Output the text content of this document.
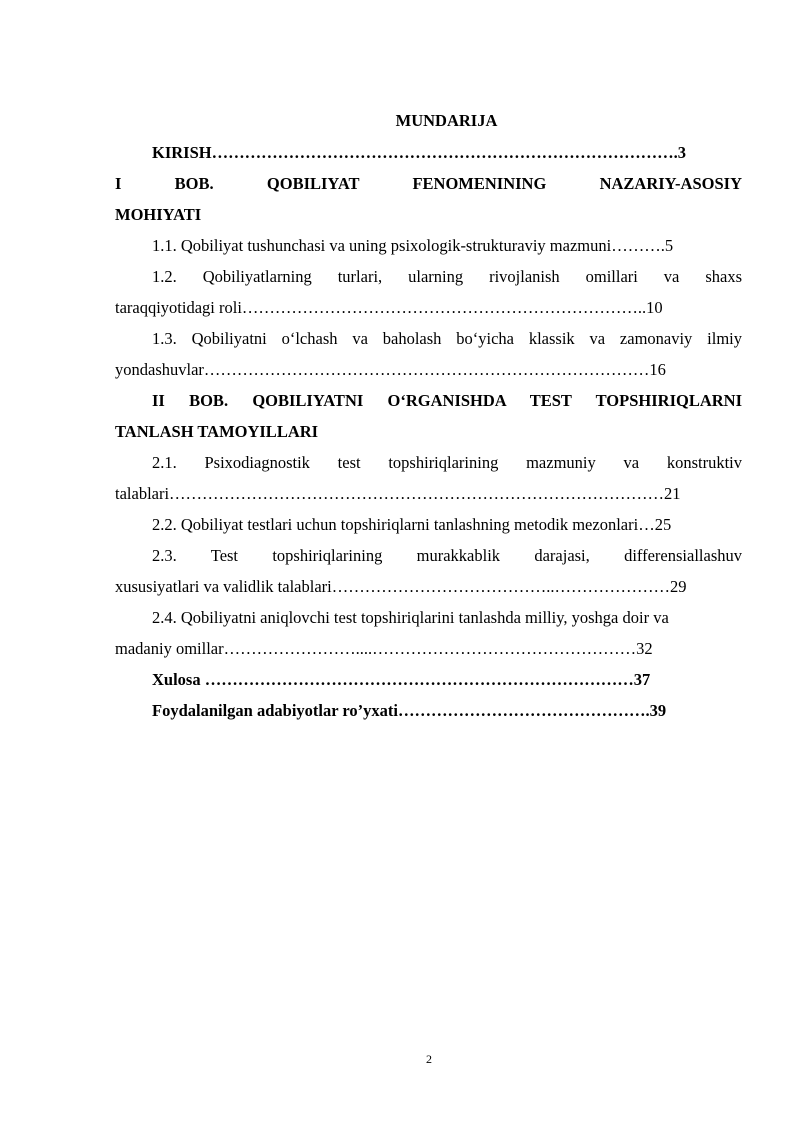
MUNDARIJA
KIRISH………………………………………………………………………….3
I BOB. QOBILIYAT FENOMENINING NAZARIY-ASOSIY
MOHIYATI
1.1. Qobiliyat tushunchasi va uning psixologik-strukturaviy mazmuni……….5
1.2. Qobiliyatlarning turlari, ularning rivojlanish omillari va shaxs
taraqqiyotidagi roli………………………………………………………………..10
1.3. Qobiliyatni o‘lchash va baholash bo‘yicha klassik va zamonaviy ilmiy
yondashuvlar………………………………………………………………………16
II BOB. QOBILIYATNI O‘RGANISHDA TEST TOPSHIRIQLARNI
TANLASH TAMOYILLARI
2.1. Psixodiagnostik test topshiriqlarining mazmuniy va konstruktiv
talablari………………………………………………………………………………21
2.2. Qobiliyat testlari uchun topshiriqlarni tanlashning metodik mezonlari…25
2.3. Test topshiriqlarining murakkablik darajasi, differensiallashuv
xususiyatlari va validlik talablari…………………………………..…………………29
2.4. Qobiliyatni aniqlovchi test topshiriqlarini tanlashda milliy, yoshga doir va
madaniy omillar……………………....…………………………………………32
Xulosa ……………………………………………………………………37
Foydalanilgan adabiyotlar ro’yxati……………………………………….39
2
